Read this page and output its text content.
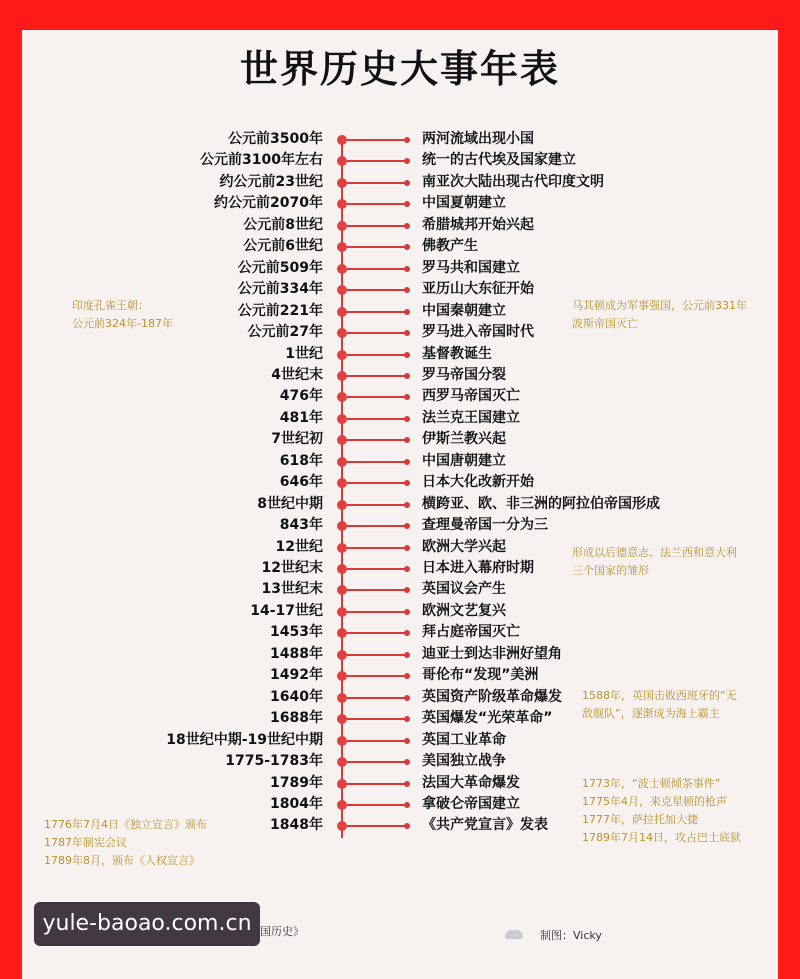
世界历史大事年表
公元前3500年	两河流域出现小国
公元前3100年左右	统一的古代埃及国家建立
约公元前23世纪	南亚次大陆出现古代印度文明
约公元前2070年	中国夏朝建立
公元前8世纪	希腊城邦开始兴起
公元前6世纪	佛教产生
公元前509年	罗马共和国建立
公元前334年	亚历山大东征开始
公元前221年	中国秦朝建立
公元前27年	罗马进入帝国时代
1世纪	基督教诞生
4世纪末	罗马帝国分裂
476年	西罗马帝国灭亡
481年	法兰克王国建立
7世纪初	伊斯兰教兴起
618年	中国唐朝建立
646年	日本大化改新开始
8世纪中期	横跨亚、欧、非三洲的阿拉伯帝国形成
843年	查理曼帝国一分为三
12世纪	欧洲大学兴起
12世纪末	日本进入幕府时期
13世纪末	英国议会产生
14-17世纪	欧洲文艺复兴
1453年	拜占庭帝国灭亡
1488年	迪亚士到达非洲好望角
1492年	哥伦布“发现”美洲
1640年	英国资产阶级革命爆发
1688年	英国爆发“光荣革命”
18世纪中期-19世纪中期	英国工业革命
1775-1783年	美国独立战争
1789年	法国大革命爆发
1804年	拿破仑帝国建立
1848年	《共产党宣言》发表
印度孔雀王朝：
公元前324年-187年
马其顿成为军事强国，公元前331年
波斯帝国灭亡
形成以后德意志、法兰西和意大利
三个国家的雏形
1588年，英国击败西班牙的“无
敌舰队”，逐渐成为海上霸主
1773年，“波士顿倾茶事件”
1775年4月，来克星顿的枪声
1777年，萨拉托加大捷
1789年7月14日，攻占巴士底狱
1776年7月4日《独立宣言》颁布
1787年制宪会议
1789年8月，颁布《人权宣言》
国历史》	制图：Vicky
yule-baoao.com.cn
